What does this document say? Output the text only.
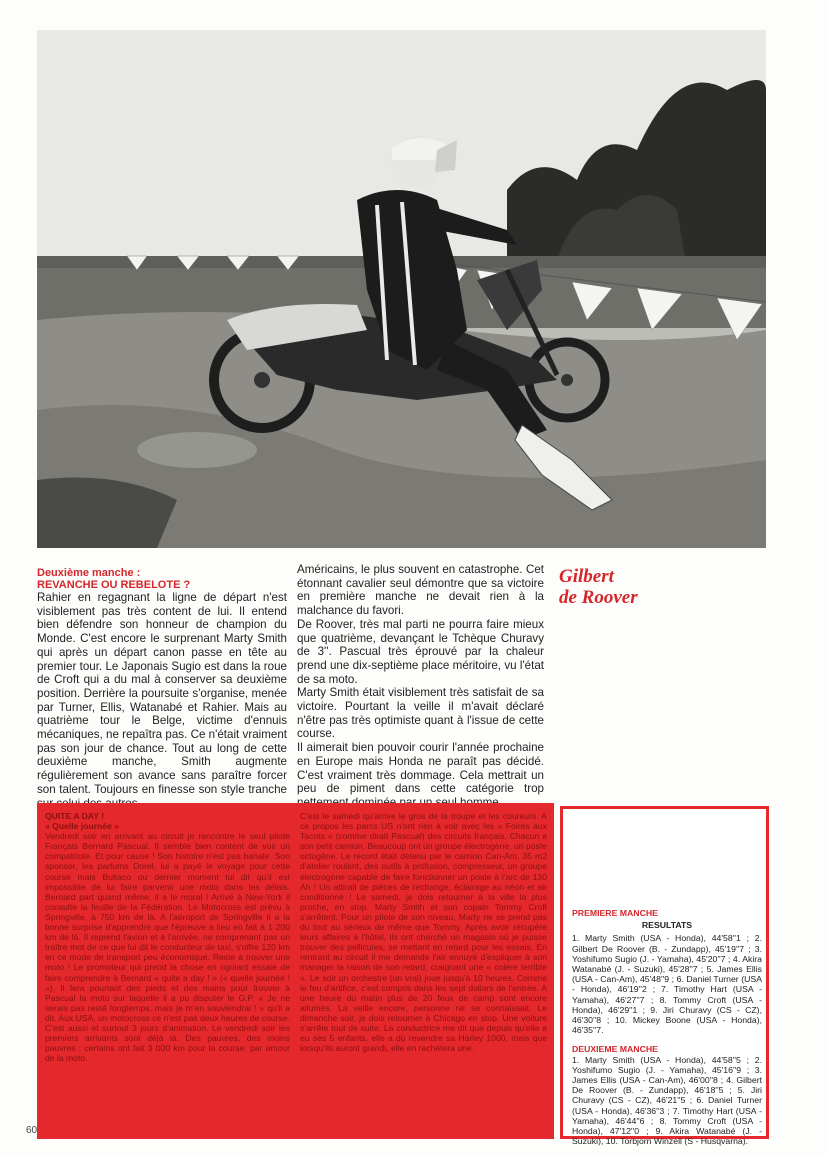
Deuxième manche :
REVANCHE OU REBELOTE ?

Rahier en regagnant la ligne de départ n'est visiblement pas très content de lui. Il entend bien défendre son honneur de champion du Monde. C'est encore le surprenant Marty Smith qui après un départ canon passe en tête au premier tour. Le Japonais Sugio est dans la roue de Croft qui a du mal à conserver sa deuxième position. Derrière la poursuite s'organise, menée par Turner, Ellis, Watanabé et Rahier. Mais au quatrième tour le Belge, victime d'ennuis mécaniques, ne repaîtra pas. Ce n'était vraiment pas son jour de chance. Tout au long de cette deuxième manche, Smith augmente régulièrement son avance sans paraître forcer son talent. Toujours en finesse son style tranche

Américains, le plus souvent en catastrophe. Cet étonnant cavalier seul démontre que sa victoire en première manche ne devait rien à la malchance du favori.

De Roover, très mal parti ne pourra faire mieux que quatrième, devançant le Tchèque Churavy de 3''. Pascual très éprouvé par la chaleur prend une dix-septième place méritoire, vu l'état de sa moto.

Marty Smith était visiblement très satisfait de sa victoire. Pourtant la veille il m'avait déclaré n'être pas très optimiste quant à l'issue de cette course.

Il aimerait bien pouvoir courir l'année prochaine en Europe mais Honda ne paraît pas décidé. C'est vraiment très dommage. Cela mettrait un peu de piment dans cette catégorie trop

Gilbert
de Roover

QUITE A DAY !

« Quelle journée »

Vendredi soir en arrivant au circuit je rencontre le seul pilote Français Bernard Pascual. Il semble bien content de voir un compatriote. Et pour cause ! Son histoire n'est pas banale. Son sponsor, les parfums Dorel, lui a payé le voyage pour cette course mais Bultaco ou dernier moment lui dit qu'il est impossible de lui faire parvenir une moto dans les délais. Bernard part quand même, il a le moral ! Arrivé à New-York il consulte la feuille de la Fédération. Le Motocross est prévu à Springville, à 750 km de là. A l'aéroport de Springville il a la bonne surprise d'apprendre que l'épreuve a lieu en fait à 1 200 km de là. Il reprend l'avion et à l'arrivée, ne comprenant pas un traître mot de ce que lui dit le conducteur de taxi, s'offre 120 km en ce mode de transport peu économique. Reste à trouver une moto ! Le promoteur qui prend la chose en rigolant essaie de faire comprendre à Bernard « quite a day ! » (« quelle journée ! »). Il fera pourtant des pieds et des mains pour trouver à Pascual la moto sur laquelle il a pu disputer le G.P. « Je ne serais pas resté longtemps, mais je m'en souviendrai ! » qu'il a dit. Aux USA, un motocross ce n'est pas deux heures de course. C'est aussi et surtout 3 jours d'animation. Le vendredi soir les premiers arrivants sont déjà là. Des pauvres, des moins pauvres : certains ont fait 3 000 km pour la course, par amour de la moto.

C'est le samedi qu'arrive le gros de la troupe et les coureurs. A ce propos les parcs US n'ont rien à voir avec les « Foires aux Tacots » (comme dirait Pascual) des circuits français. Chacun a son petit camion. Beaucoup ont un groupe électrogène, un poste octogène. Le record était détenu par le camion Can-Am, 35 m2 d'atelier roulant, des outils à profusion, compresseur, un groupe électrogène capable de faire fonctionner un poste à l'arc de 130 Ah ! Un attirail de pièces de rechange, éclairage au néon et air conditionné ! Le samedi, je dois retourner à la ville la plus proche, en stop. Marty Smith et son copain Tommy Croft s'arrêtent. Pour un pilote de son niveau, Marty ne se prend pas du tout au sérieux de même que Tommy. Après avoir récupéré leurs affaires à l'hôtel, ils ont cherché un magasin où je puisse trouver des pellicules, se mettant en retard pour les essais. En rentrant au circuit il me demande l'air ennuyé d'expliquer à son manager la raison de son retard, craignant une « colère terrible ». Le soir un orchestre (un vrai) joue jusqu'à 10 heures. Comme le feu d'artifice, c'est compris dans les sept dollars de l'entrée. A une heure du matin plus de 20 feux de camp sont encore allumés. La veille encore, personne ne se connaissait. Le dimanche soir, je dois retourner à Chicago en stop. Une voiture s'arrête tout de suite. La conductrice me dit que depuis qu'elle a eu ses 5 enfants, elle a dû revendre sa Harley 1000, mais que lorsqu'ils auront grandi, elle en rachètera une.

PREMIERE MANCHE

RESULTATS

1. Marty Smith (USA - Honda), 44'58''1 ; 2. Gilbert De Roover (B. - Zundapp), 45'19''7 ; 3. Yoshifumo Sugio (J. - Yamaha), 45'20''7 ; 4. Akira Watanabé (J. - Suzuki), 45'28''7 ; 5. James Ellis (USA - Can-Am), 45'48''9 ; 6. Daniel Turner (USA - Honda), 46'19''2 ; 7. Timothy Hart (USA - Yamaha), 46'27''7 ; 8. Tommy Croft (USA - Honda), 46'29''1 ; 9. Jiri Churavy (CS - CZ), 46'30''8 ; 10. Mickey Boone (USA - Honda), 46'35''7.

DEUXIEME MANCHE

1. Marty Smith (USA - Honda), 44'58''5 ; 2. Yoshifumo Sugio (J. - Yamaha), 45'16''9 ; 3. James Ellis (USA - Can-Am), 46'00''8 ; 4. Gilbert De Roover (B. - Zundapp), 46'18''5 ; 5. Jiri Churavy (CS - CZ), 46'21''5 ; 6. Daniel Turner (USA - Honda), 46'36''3 ; 7. Timothy Hart (USA - Yamaha), 46'44''6 ; 8. Tommy Croft (USA - Honda), 47'12''0 ; 9. Akira Watanabé (J. - Suzuki), 10. Torbjorn Winzell (S - Husqvarna).

60
